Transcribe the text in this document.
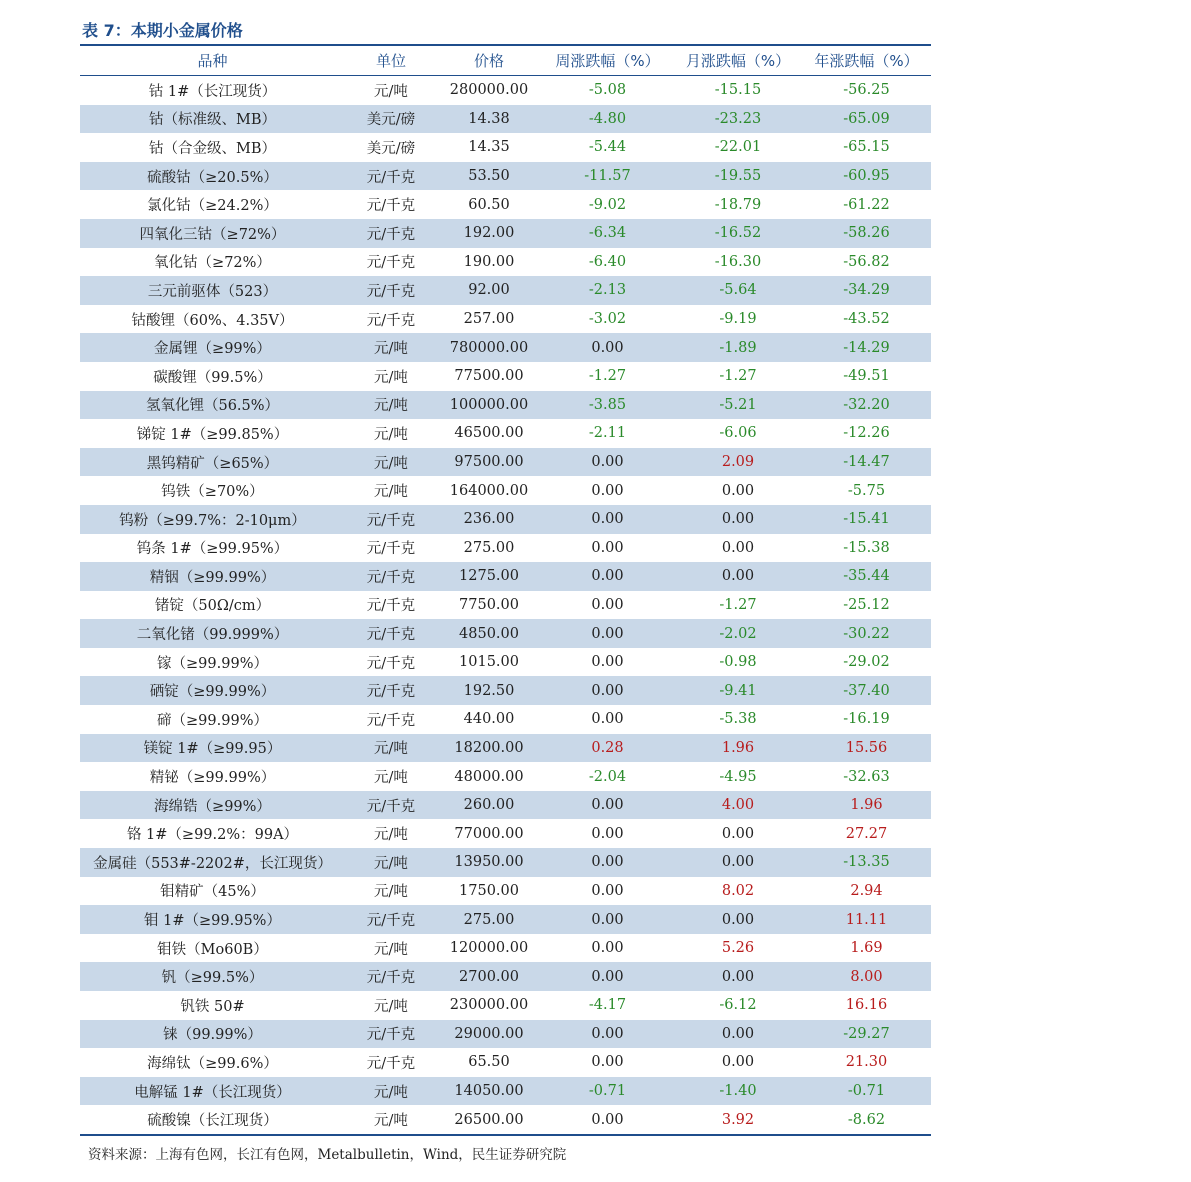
表 7：本期小金属价格
品种	单位	价格	周涨跌幅（%）	月涨跌幅（%）	年涨跌幅（%）
钴 1#（长江现货）	元/吨	280000.00	-5.08	-15.15	-56.25
钴（标准级、MB）	美元/磅	14.38	-4.80	-23.23	-65.09
钴（合金级、MB）	美元/磅	14.35	-5.44	-22.01	-65.15
硫酸钴（≥20.5%）	元/千克	53.50	-11.57	-19.55	-60.95
氯化钴（≥24.2%）	元/千克	60.50	-9.02	-18.79	-61.22
四氧化三钴（≥72%）	元/千克	192.00	-6.34	-16.52	-58.26
氧化钴（≥72%）	元/千克	190.00	-6.40	-16.30	-56.82
三元前驱体（523）	元/千克	92.00	-2.13	-5.64	-34.29
钴酸锂（60%、4.35V）	元/千克	257.00	-3.02	-9.19	-43.52
金属锂（≥99%）	元/吨	780000.00	0.00	-1.89	-14.29
碳酸锂（99.5%）	元/吨	77500.00	-1.27	-1.27	-49.51
氢氧化锂（56.5%）	元/吨	100000.00	-3.85	-5.21	-32.20
锑锭 1#（≥99.85%）	元/吨	46500.00	-2.11	-6.06	-12.26
黑钨精矿（≥65%）	元/吨	97500.00	0.00	2.09	-14.47
钨铁（≥70%）	元/吨	164000.00	0.00	0.00	-5.75
钨粉（≥99.7%：2-10μm）	元/千克	236.00	0.00	0.00	-15.41
钨条 1#（≥99.95%）	元/千克	275.00	0.00	0.00	-15.38
精铟（≥99.99%）	元/千克	1275.00	0.00	0.00	-35.44
锗锭（50Ω/cm）	元/千克	7750.00	0.00	-1.27	-25.12
二氧化锗（99.999%）	元/千克	4850.00	0.00	-2.02	-30.22
镓（≥99.99%）	元/千克	1015.00	0.00	-0.98	-29.02
硒锭（≥99.99%）	元/千克	192.50	0.00	-9.41	-37.40
碲（≥99.99%）	元/千克	440.00	0.00	-5.38	-16.19
镁锭 1#（≥99.95）	元/吨	18200.00	0.28	1.96	15.56
精铋（≥99.99%）	元/吨	48000.00	-2.04	-4.95	-32.63
海绵锆（≥99%）	元/千克	260.00	0.00	4.00	1.96
铬 1#（≥99.2%：99A）	元/吨	77000.00	0.00	0.00	27.27
金属硅（553#-2202#，长江现货）	元/吨	13950.00	0.00	0.00	-13.35
钼精矿（45%）	元/吨	1750.00	0.00	8.02	2.94
钼 1#（≥99.95%）	元/千克	275.00	0.00	0.00	11.11
钼铁（Mo60B）	元/吨	120000.00	0.00	5.26	1.69
钒（≥99.5%）	元/千克	2700.00	0.00	0.00	8.00
钒铁 50#	元/吨	230000.00	-4.17	-6.12	16.16
铼（99.99%）	元/千克	29000.00	0.00	0.00	-29.27
海绵钛（≥99.6%）	元/千克	65.50	0.00	0.00	21.30
电解锰 1#（长江现货）	元/吨	14050.00	-0.71	-1.40	-0.71
硫酸镍（长江现货）	元/吨	26500.00	0.00	3.92	-8.62
资料来源：上海有色网，长江有色网，Metalbulletin，Wind，民生证券研究院
